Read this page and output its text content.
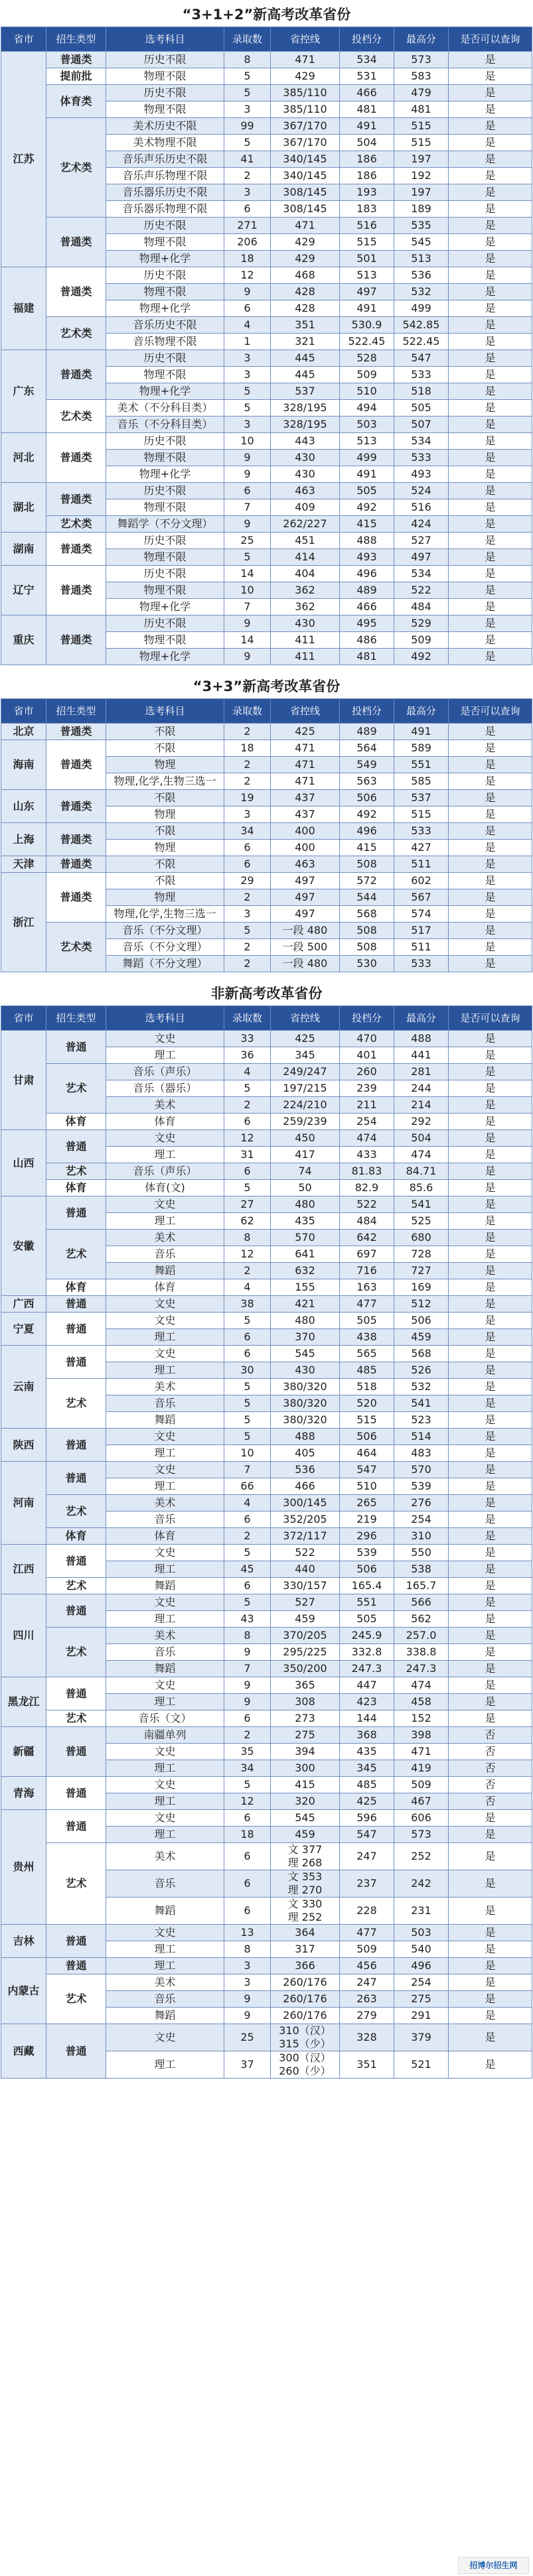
“3+1+2”新高考改革省份
省市	招生类型	选考科目	录取数	省控线	投档分	最高分	是否可以查询
江苏	普通类	历史不限	8	471	534	573	是
	提前批	物理不限	5	429	531	583	是
	体育类	历史不限	5	385/110	466	479	是
		物理不限	3	385/110	481	481	是
	艺术类	美术历史不限	99	367/170	491	515	是
		美术物理不限	5	367/170	504	515	是
		音乐声乐历史不限	41	340/145	186	197	是
		音乐声乐物理不限	2	340/145	186	192	是
		音乐器乐历史不限	3	308/145	193	197	是
		音乐器乐物理不限	6	308/145	183	189	是
	普通类	历史不限	271	471	516	535	是
		物理不限	206	429	515	545	是
		物理+化学	18	429	501	513	是
福建	普通类	历史不限	12	468	513	536	是
		物理不限	9	428	497	532	是
		物理+化学	6	428	491	499	是
	艺术类	音乐历史不限	4	351	530.9	542.85	是
		音乐物理不限	1	321	522.45	522.45	是
广东	普通类	历史不限	3	445	528	547	是
		物理不限	3	445	509	533	是
		物理+化学	5	537	510	518	是
	艺术类	美术（不分科目类）	5	328/195	494	505	是
		音乐（不分科目类）	3	328/195	503	507	是
河北	普通类	历史不限	10	443	513	534	是
		物理不限	9	430	499	533	是
		物理+化学	9	430	491	493	是
湖北	普通类	历史不限	6	463	505	524	是
		物理不限	7	409	492	516	是
	艺术类	舞蹈学（不分文理）	9	262/227	415	424	是
湖南	普通类	历史不限	25	451	488	527	是
		物理不限	5	414	493	497	是
辽宁	普通类	历史不限	14	404	496	534	是
		物理不限	10	362	489	522	是
		物理+化学	7	362	466	484	是
重庆	普通类	历史不限	9	430	495	529	是
		物理不限	14	411	486	509	是
		物理+化学	9	411	481	492	是
“3+3”新高考改革省份
省市	招生类型	选考科目	录取数	省控线	投档分	最高分	是否可以查询
北京	普通类	不限	2	425	489	491	是
海南	普通类	不限	18	471	564	589	是
		物理	2	471	549	551	是
		物理,化学,生物三选一	2	471	563	585	是
山东	普通类	不限	19	437	506	537	是
		物理	3	437	492	515	是
上海	普通类	不限	34	400	496	533	是
		物理	6	400	415	427	是
天津	普通类	不限	6	463	508	511	是
浙江	普通类	不限	29	497	572	602	是
		物理	2	497	544	567	是
		物理,化学,生物三选一	3	497	568	574	是
	艺术类	音乐（不分文理）	5	一段 480	508	517	是
		音乐（不分文理）	2	一段 500	508	511	是
		舞蹈（不分文理）	2	一段 480	530	533	是
非新高考改革省份
省市	招生类型	选考科目	录取数	省控线	投档分	最高分	是否可以查询
甘肃	普通	文史	33	425	470	488	是
		理工	36	345	401	441	是
	艺术	音乐（声乐）	4	249/247	260	281	是
		音乐（器乐）	5	197/215	239	244	是
		美术	2	224/210	211	214	是
	体育	体育	6	259/239	254	292	是
山西	普通	文史	12	450	474	504	是
		理工	31	417	433	474	是
	艺术	音乐（声乐）	6	74	81.83	84.71	是
	体育	体育(文)	5	50	82.9	85.6	是
安徽	普通	文史	27	480	522	541	是
		理工	62	435	484	525	是
	艺术	美术	8	570	642	680	是
		音乐	12	641	697	728	是
		舞蹈	2	632	716	727	是
	体育	体育	4	155	163	169	是
广西	普通	文史	38	421	477	512	是
宁夏	普通	文史	5	480	505	506	是
		理工	6	370	438	459	是
云南	普通	文史	6	545	565	568	是
		理工	30	430	485	526	是
	艺术	美术	5	380/320	518	532	是
		音乐	5	380/320	520	541	是
		舞蹈	5	380/320	515	523	是
陕西	普通	文史	5	488	506	514	是
		理工	10	405	464	483	是
河南	普通	文史	7	536	547	570	是
		理工	66	466	510	539	是
	艺术	美术	4	300/145	265	276	是
		音乐	6	352/205	219	254	是
	体育	体育	2	372/117	296	310	是
江西	普通	文史	5	522	539	550	是
		理工	45	440	506	538	是
	艺术	舞蹈	6	330/157	165.4	165.7	是
四川	普通	文史	5	527	551	566	是
		理工	43	459	505	562	是
	艺术	美术	8	370/205	245.9	257.0	是
		音乐	9	295/225	332.8	338.8	是
		舞蹈	7	350/200	247.3	247.3	是
黑龙江	普通	文史	9	365	447	474	是
		理工	9	308	423	458	是
	艺术	音乐（文）	6	273	144	152	是
新疆	普通	南疆单列	2	275	368	398	否
		文史	35	394	435	471	否
		理工	34	300	345	419	否
青海	普通	文史	5	415	485	509	否
		理工	12	320	425	467	否
贵州	普通	文史	6	545	596	606	是
		理工	18	459	547	573	是
	艺术	美术	6	文 377
理 268	247	252	是
		音乐	6	文 353
理 270	237	242	是
		舞蹈	6	文 330
理 252	228	231	是
吉林	普通	文史	13	364	477	503	是
		理工	8	317	509	540	是
内蒙古	普通	理工	3	366	456	496	是
	艺术	美术	3	260/176	247	254	是
		音乐	9	260/176	263	275	是
		舞蹈	9	260/176	279	291	是
西藏	普通	文史	25	310（汉）
315（少）	328	379	是
		理工	37	300（汉）
260（少）	351	521	是
招博尔招生网
